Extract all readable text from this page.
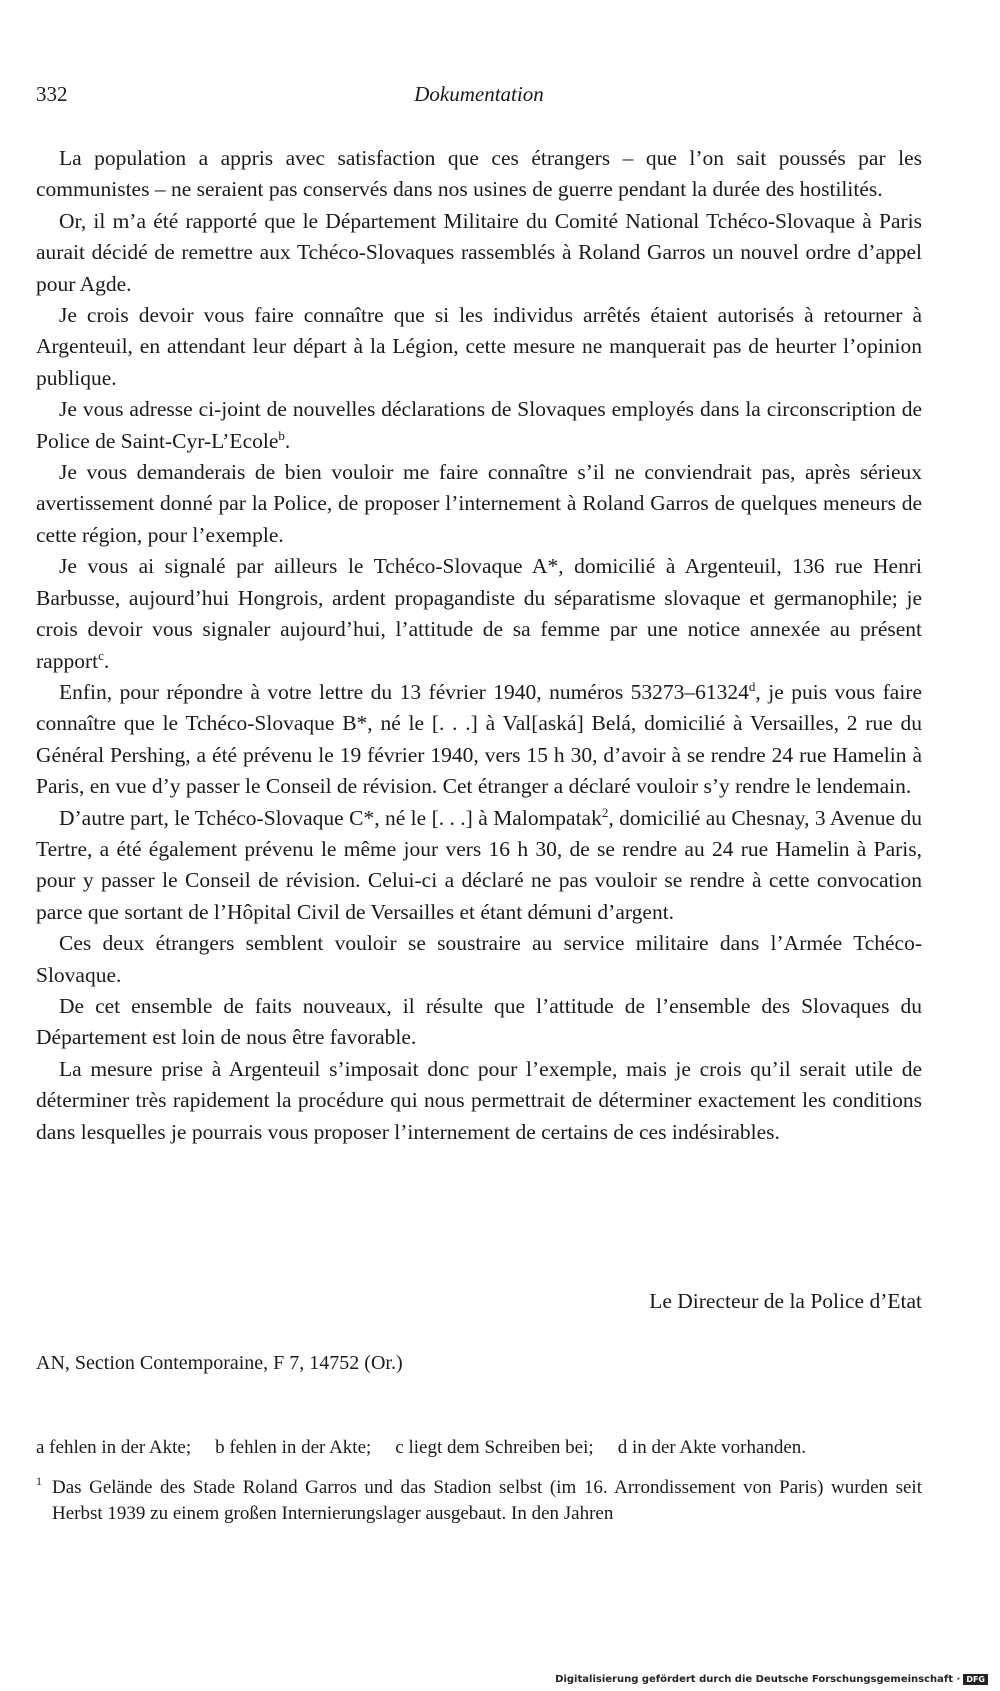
332	Dokumentation

La population a appris avec satisfaction que ces étrangers – que l’on sait poussés par les communistes – ne seraient pas conservés dans nos usines de guerre pendant la durée des hostilités.

Or, il m’a été rapporté que le Département Militaire du Comité National Tchéco-Slovaque à Paris aurait décidé de remettre aux Tchéco-Slovaques rassemblés à Roland Garros un nouvel ordre d’appel pour Agde.

Je crois devoir vous faire connaître que si les individus arrêtés étaient autorisés à retourner à Argenteuil, en attendant leur départ à la Légion, cette mesure ne manquerait pas de heurter l’opinion publique.

Je vous adresse ci-joint de nouvelles déclarations de Slovaques employés dans la circonscription de Police de Saint-Cyr-L’Ecole$^b$.

Je vous demanderais de bien vouloir me faire connaître s’il ne conviendrait pas, après sérieux avertissement donné par la Police, de proposer l’internement à Roland Garros de quelques meneurs de cette région, pour l’exemple.

Je vous ai signalé par ailleurs le Tchéco-Slovaque A*, domicilié à Argenteuil, 136 rue Henri Barbusse, aujourd’hui Hongrois, ardent propagandiste du séparatisme slovaque et germanophile; je crois devoir vous signaler aujourd’hui, l’attitude de sa femme par une notice annexée au présent rapport$^c$.

Enfin, pour répondre à votre lettre du 13 février 1940, numéros 53273–61324$^d$, je puis vous faire connaître que le Tchéco-Slovaque B*, né le [. . .] à Val[aská] Belá, domicilié à Versailles, 2 rue du Général Pershing, a été prévenu le 19 février 1940, vers 15 h 30, d’avoir à se rendre 24 rue Hamelin à Paris, en vue d’y passer le Conseil de révision. Cet étranger a déclaré vouloir s’y rendre le lendemain.

D’autre part, le Tchéco-Slovaque C*, né le [. . .] à Malompatak$^2$, domicilié au Chesnay, 3 Avenue du Tertre, a été également prévenu le même jour vers 16 h 30, de se rendre au 24 rue Hamelin à Paris, pour y passer le Conseil de révision. Celui-ci a déclaré ne pas vouloir se rendre à cette convocation parce que sortant de l’Hôpital Civil de Versailles et étant démuni d’argent.

Ces deux étrangers semblent vouloir se soustraire au service militaire dans l’Armée Tchéco-Slovaque.

De cet ensemble de faits nouveaux, il résulte que l’attitude de l’ensemble des Slovaques du Département est loin de nous être favorable.

La mesure prise à Argenteuil s’imposait donc pour l’exemple, mais je crois qu’il serait utile de déterminer très rapidement la procédure qui nous permettrait de déterminer exactement les conditions dans lesquelles je pourrais vous proposer l’internement de certains de ces indésirables.

Le Directeur de la Police d’Etat
AN, Section Contemporaine, F 7, 14752 (Or.)

a fehlen in der Akte; b fehlen in der Akte; c liegt dem Schreiben bei; d in der Akte vorhanden.

1 Das Gelände des Stade Roland Garros und das Stadion selbst (im 16. Arrondissement von Paris) wurden seit Herbst 1939 zu einem großen Internierungslager ausgebaut. In den Jahren

Digitalisierung gefördert durch die Deutsche Forschungsgemeinschaft · DFG
